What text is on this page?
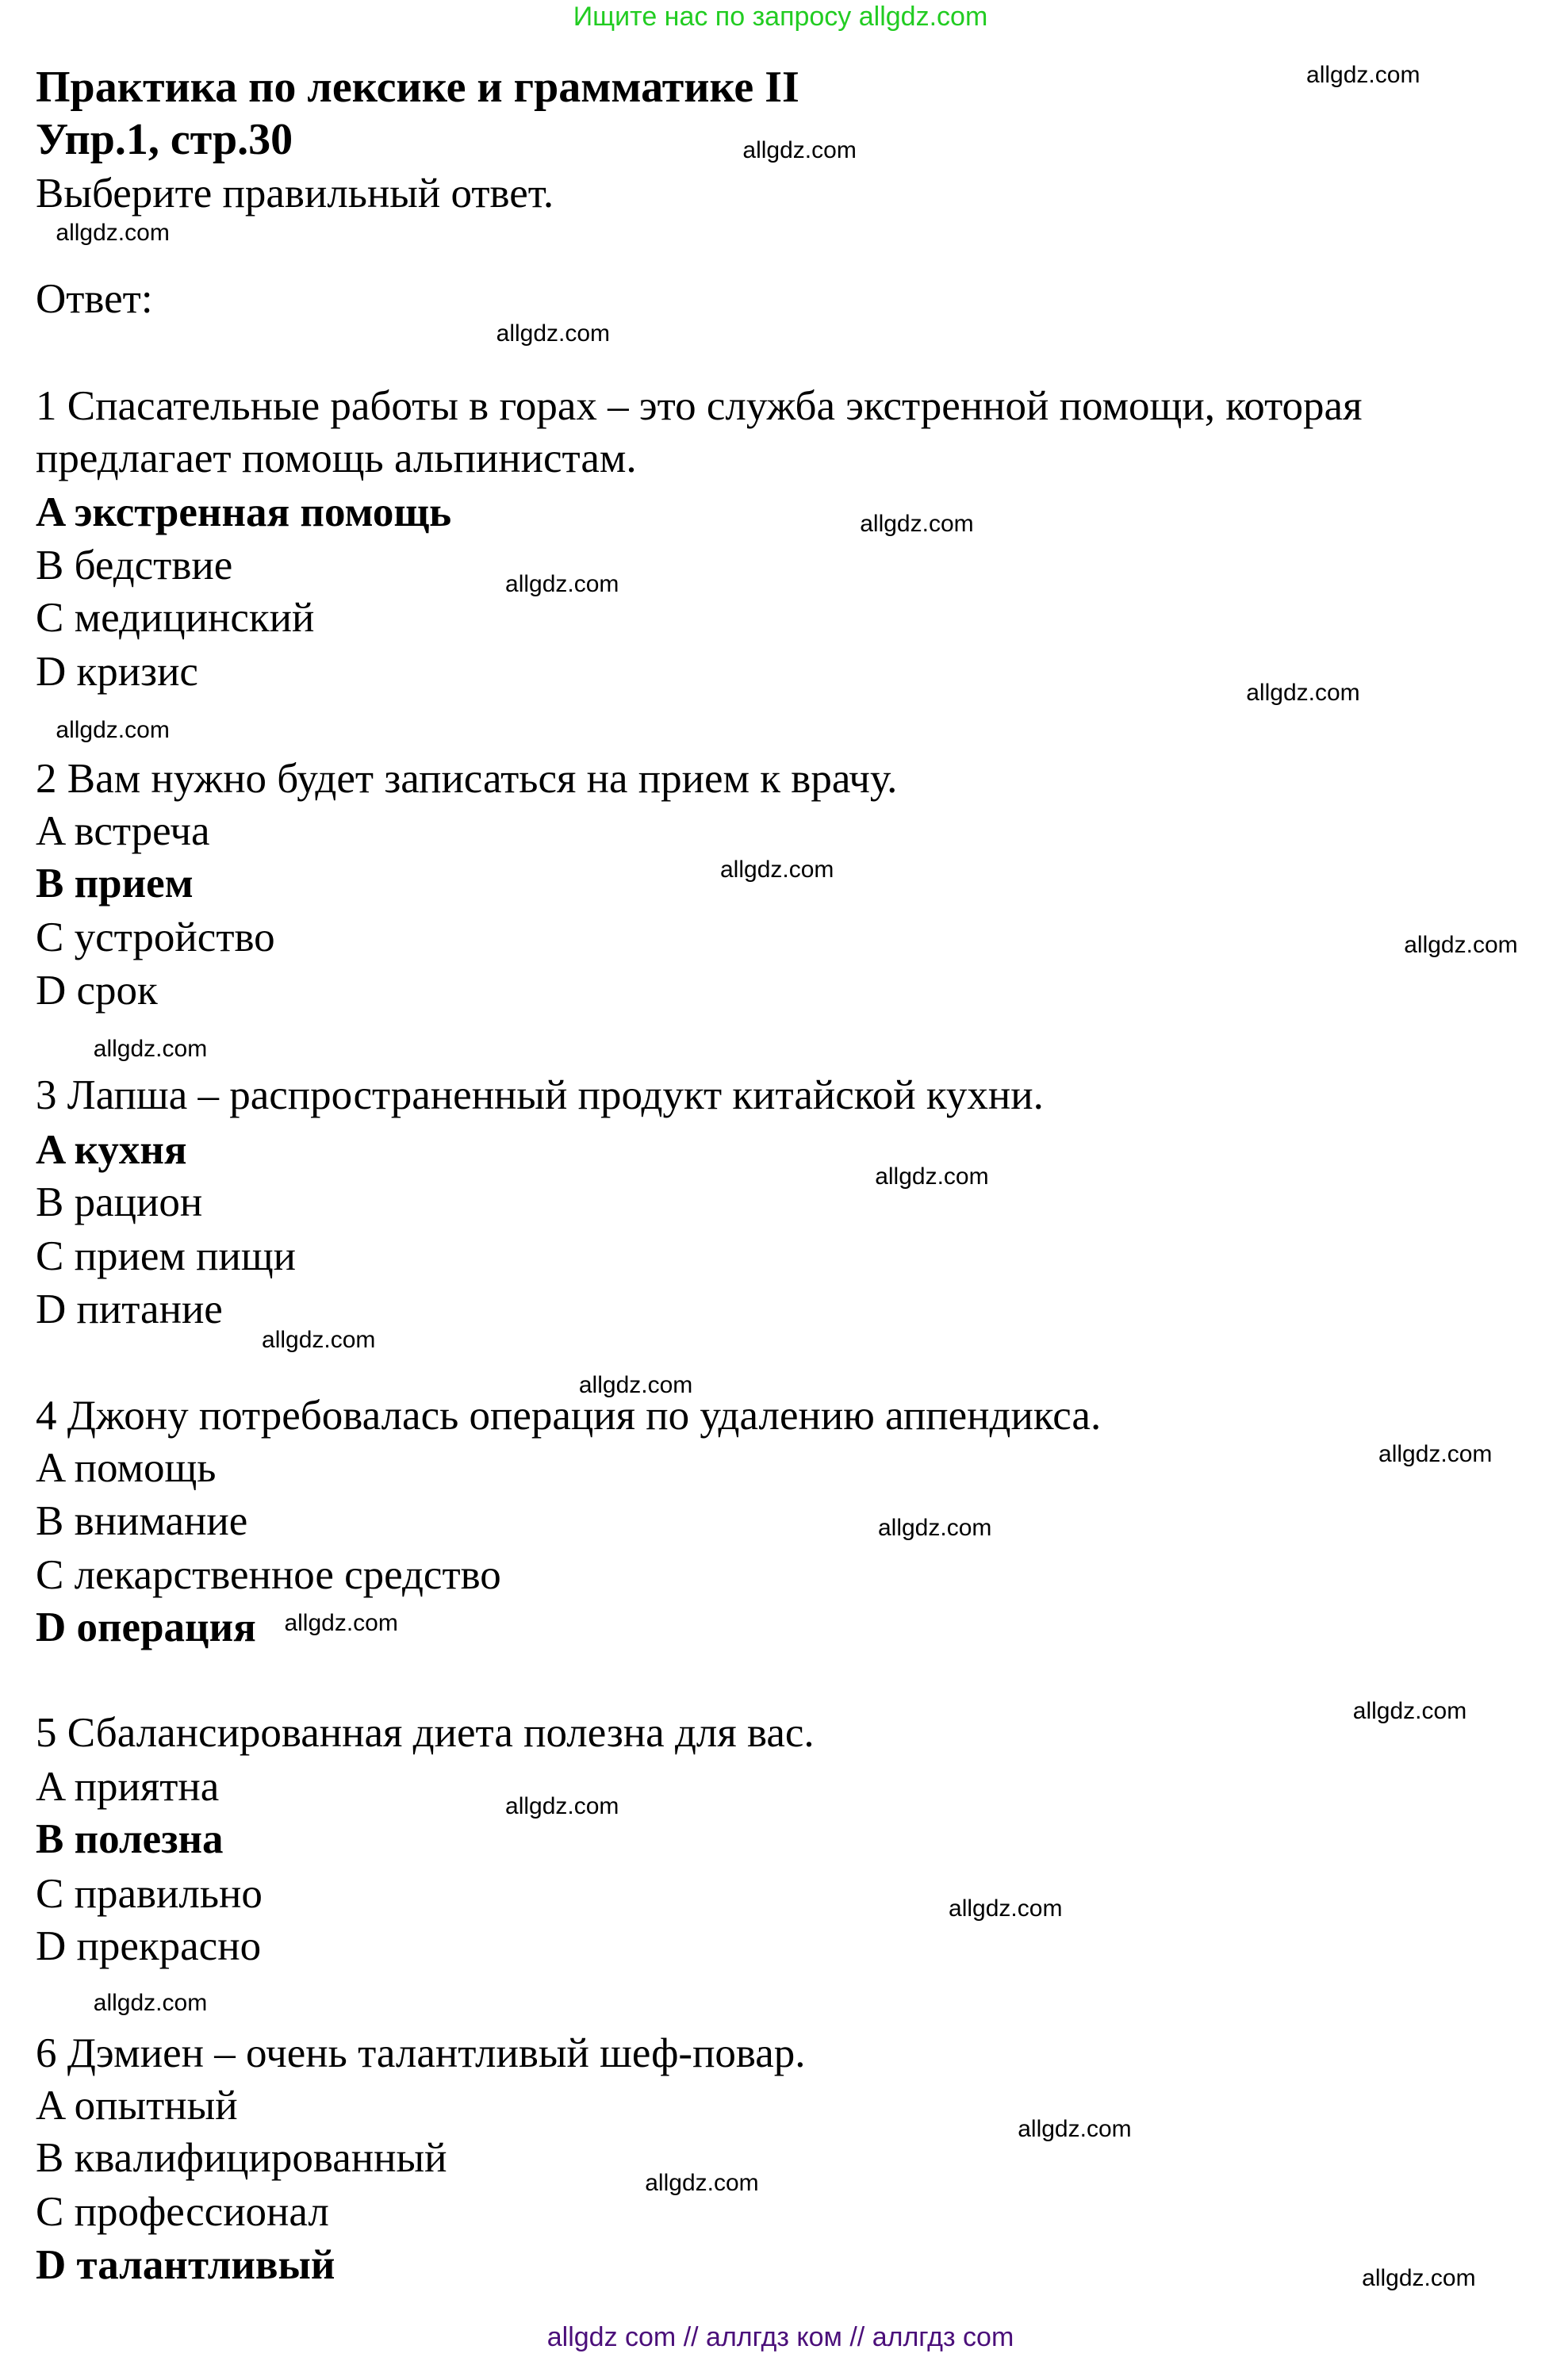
Ищите нас по запросу allgdz.com
Практика по лексике и грамматике II
Упр.1, стр.30
Выберите правильный ответ.
Ответ:
allgdz com // аллгдз ком // аллгдз com
1 Спасательные работы в горах – это служба экстренной помощи, которая
предлагает помощь альпинистам.
A экстренная помощь
B бедствие
C медицинский
D кризис
2 Вам нужно будет записаться на прием к врачу.
A встреча
B прием
C устройство
D срок
3 Лапша – распространенный продукт китайской кухни.
A кухня
B рацион
C прием пищи
D питание
4 Джону потребовалась операция по удалению аппендикса.
A помощь
B внимание
C лекарственное средство
D операция
5 Сбалансированная диета полезна для вас.
A приятна
B полезна
C правильно
D прекрасно
6 Дэмиен – очень талантливый шеф-повар.
A опытный
B квалифицированный
C профессионал
D талантливый
allgdz.com
allgdz.com
allgdz.com
allgdz.com
allgdz.com
allgdz.com
allgdz.com
allgdz.com
allgdz.com
allgdz.com
allgdz.com
allgdz.com
allgdz.com
allgdz.com
allgdz.com
allgdz.com
allgdz.com
allgdz.com
allgdz.com
allgdz.com
allgdz.com
allgdz.com
allgdz.com
allgdz.com
